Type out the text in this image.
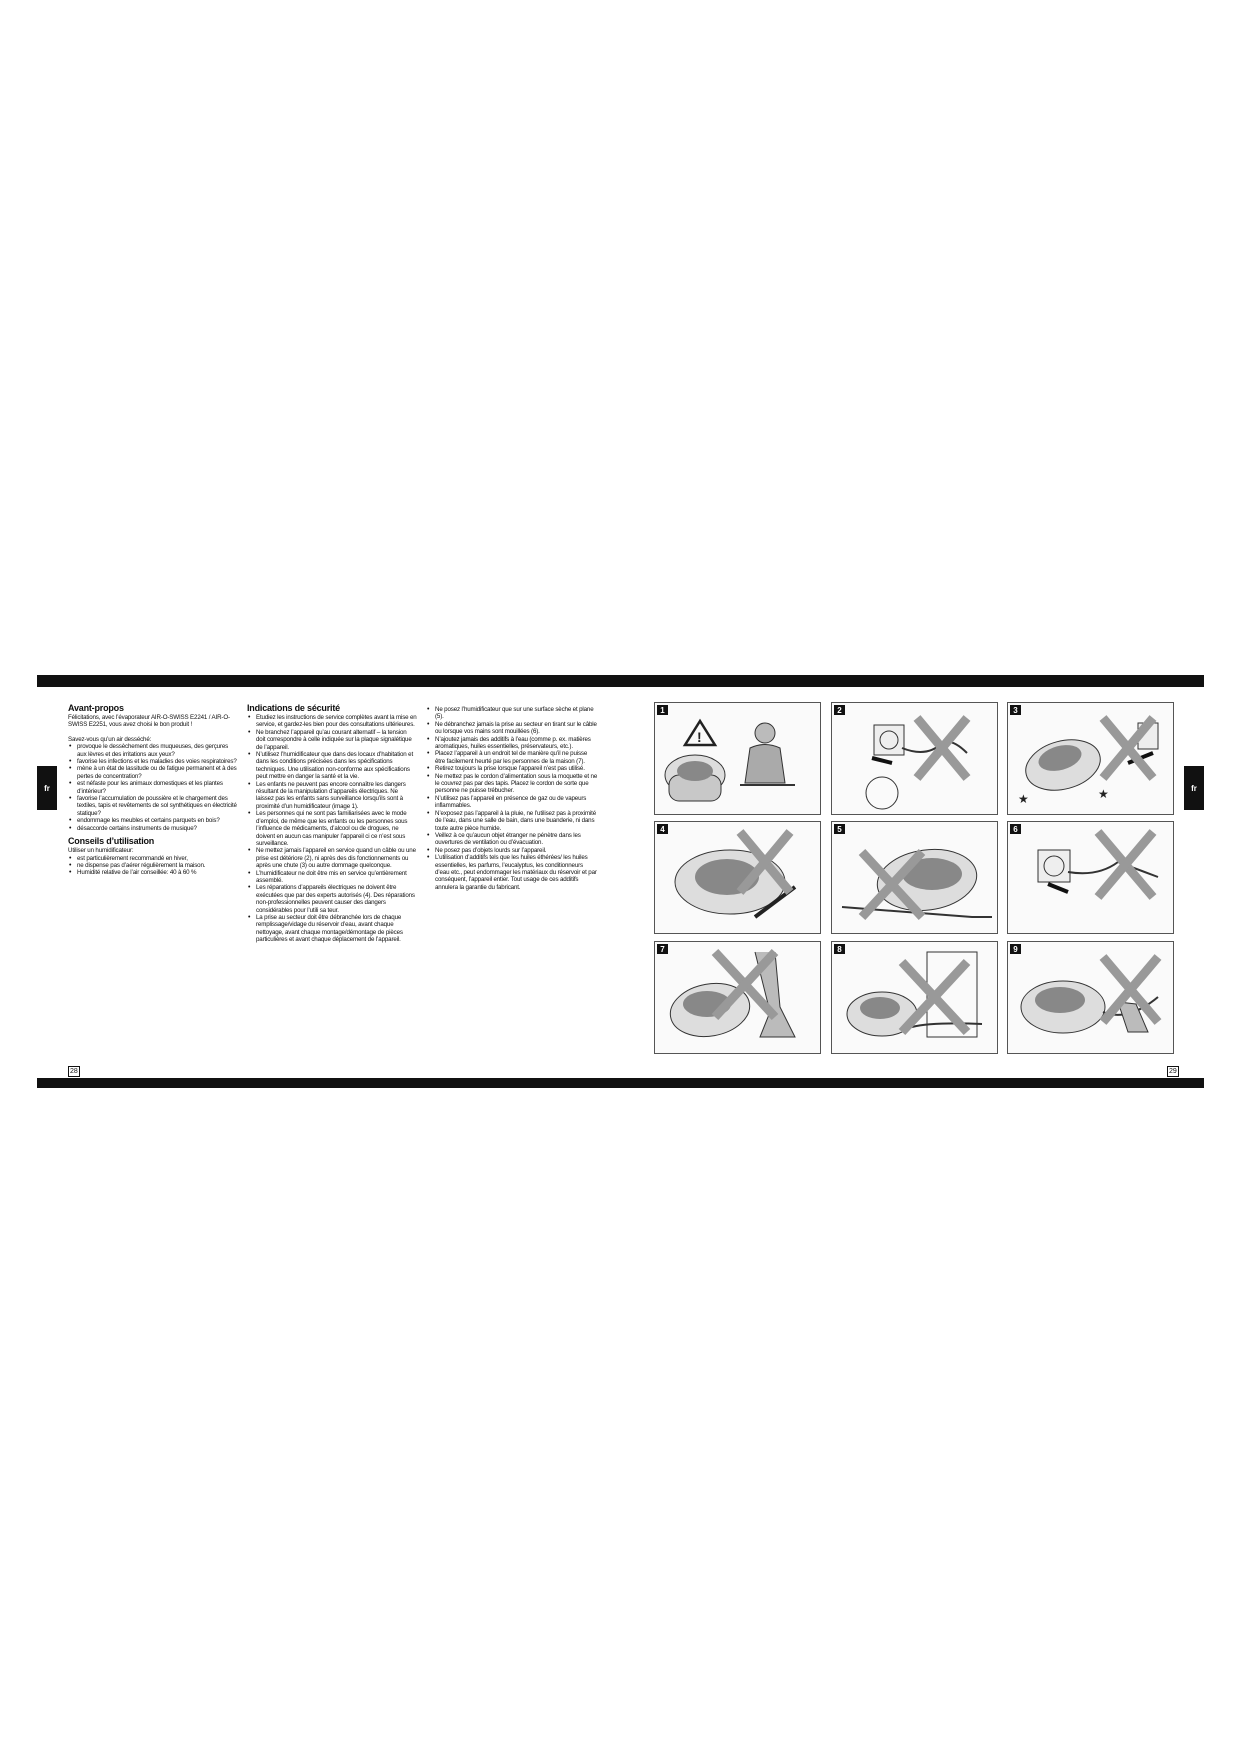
fr	fr
28	29
Avant-propos

Félicitations, avec l’évaporateur AIR-O-SWISS E2241 / AIR-O-SWISS E2251, vous avez choisi le bon produit !

Savez-vous qu’un air desséché:

• provoque le dessèchement des muqueuses, des gerçures aux lèvres et des irritations aux yeux?
• favorise les infections et les maladies des voies respiratoires?
• mène à un état de lassitude ou de fatigue permanent et à des pertes de concentration?
• est néfaste pour les animaux domestiques et les plantes d’intérieur?
• favorise l’accumulation de poussière et le chargement des textiles, tapis et revêtements de sol synthétiques en électricité statique?
• endommage les meubles et certains parquets en bois?
• désaccorde certains instruments de musique?
Conseils d’utilisation

Utiliser un humidificateur:

• est particulièrement recommandé en hiver,
• ne dispense pas d’aérer régulièrement la maison.
• Humidité relative de l’air conseillée: 40 à 60 %
Indications de sécurité
• Etudiez les instructions de service complètes avant la mise en service, et gardez-les bien pour des consultations ultérieures.
• Ne branchez l’appareil qu’au courant alternatif – la tension doit correspondre à celle indiquée sur la plaque signalétique de l’appareil.
• N’utilisez l’humidificateur que dans des locaux d’habitation et dans les conditions précisées dans les spécifications techniques. Une utilisation non-conforme aux spécifications peut mettre en danger la santé et la vie.
• Les enfants ne peuvent pas encore connaître les dangers résultant de la manipulation d’appareils électriques. Ne laissez pas les enfants sans surveillance lorsqu’ils sont à proximité d’un humidificateur (image 1).
• Les personnes qui ne sont pas familiarisées avec le mode d’emploi, de même que les enfants ou les personnes sous l’influence de médicaments, d’alcool ou de drogues, ne doivent en aucun cas manipuler l’appareil ci ce n’est sous surveillance.
• Ne mettez jamais l’appareil en service quand un câble ou une prise est détériore (2), ni après des dis fonctionnements ou après une chute (3) ou autre dommage quelconque.
• L’humidificateur ne doit être mis en service qu’entièrement assemblé.
• Les réparations d’appareils électriques ne doivent être exécutées que par des experts autorisés (4). Des réparations non-professionnelles peuvent causer des dangers considérables pour l’utili sa teur.
• La prise au secteur doit être débranchée lors de chaque remplissage/vidage du réservoir d’eau, avant chaque nettoyage, avant chaque montage/démontage de pièces particulières et avant chaque déplacement de l’appareil.
• Ne posez l’humidificateur que sur une surface sèche et plane (5).
• Ne débranchez jamais la prise au secteur en tirant sur le câble ou lorsque vos mains sont mouillées (6).
• N’ajoutez jamais des additifs à l’eau (comme p. ex. matières aromatiques, huiles essentielles, préservateurs, etc.).
• Placez l’appareil à un endroit tel de manière qu’il ne puisse être facilement heurté par les personnes de la maison (7).
• Retirez toujours la prise lorsque l’appareil n’est pas utilisé.
• Ne mettez pas le cordon d’alimentation sous la moquette et ne le couvrez pas par des tapis. Placez le cordon de sorte que personne ne puisse trébucher.
• N’utilisez pas l’appareil en présence de gaz ou de vapeurs inflammables.
• N’exposez pas l’appareil à la pluie, ne l’utilisez pas à proximité de l’eau, dans une salle de bain, dans une buanderie, ni dans toute autre pièce humide.
• Veillez à ce qu’aucun objet étranger ne pénètre dans les ouvertures de ventilation ou d’évacuation.
• Ne posez pas d’objets lourds sur l’appareil.
• L’utilisation d’additifs tels que les huiles éthérées/ les huiles essentielles, les parfums, l’eucalyptus, les conditionneurs d’eau etc., peut endommager les matériaux du réservoir et par conséquent, l’appareil entier. Tout usage de ces additifs annulera la garantie du fabricant.
1
!
2	3
★	★
4	5	6
7	8	9
